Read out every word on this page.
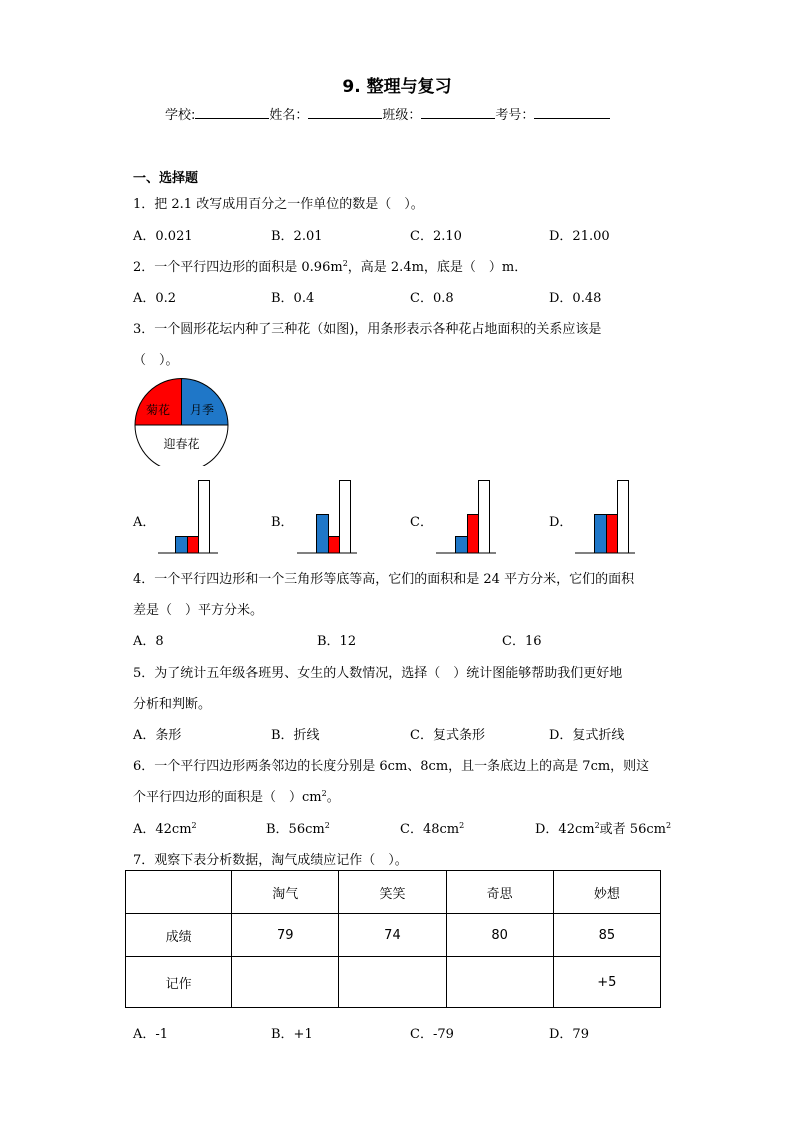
9. 整理与复习
学校:	姓名：	班级：	考号：
一、选择题
1．把 2.1 改写成用百分之一作单位的数是（　）。
A．0.021	B．2.01	C．2.10	D．21.00
2．一个平行四边形的面积是 $0.96m^2$，高是 2.4m，底是（　）m．
A．0.2	B．0.4	C．0.8	D．0.48
3．一个圆形花坛内种了三种花（如图)，用条形表示各种花占地面积的关系应该是
（　）。
菊花 月季
迎春花
A．	B．	C．	D．
4．一个平行四边形和一个三角形等底等高，它们的面积和是 24 平方分米，它们的面积
差是（　）平方分米。
A．8	B．12	C．16
5．为了统计五年级各班男、女生的人数情况，选择（　）统计图能够帮助我们更好地
分析和判断。
A．条形	B．折线	C．复式条形	D．复式折线
6．一个平行四边形两条邻边的长度分别是 6cm、8cm，且一条底边上的高是 7cm，则这
个平行四边形的面积是（　）$cm^2$。
A．$42cm^2$	B．$56cm^2$	C．$48cm^2$	D．$42cm^2$或者 $56cm^2$
7．观察下表分析数据，淘气成绩应记作（　）。
	淘气	笑笑	奇思	妙想
成绩	79	74	80	85
记作				+5
A．-1	B．+1	C．-79	D．79
